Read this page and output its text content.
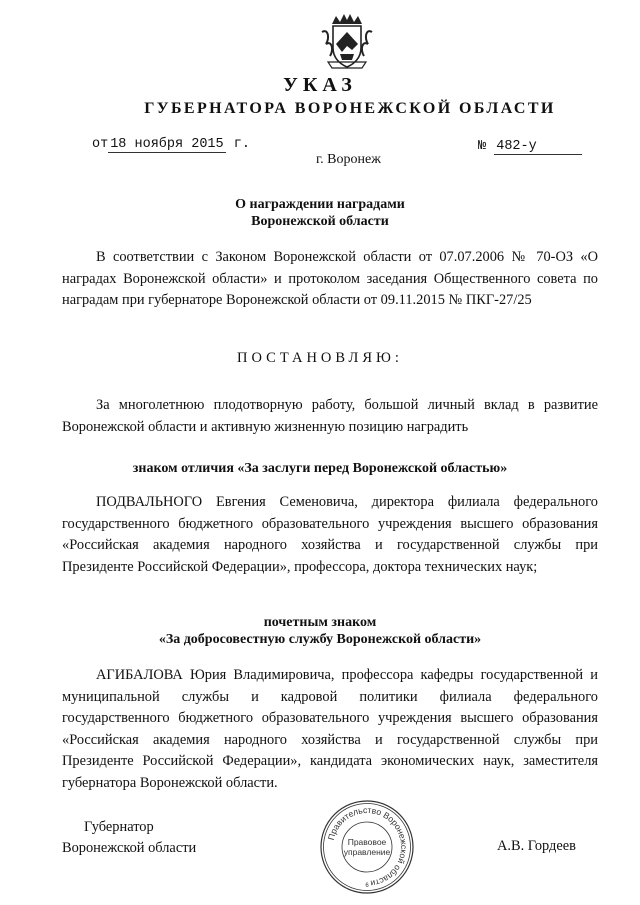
УКАЗ
ГУБЕРНАТОРА ВОРОНЕЖСКОЙ ОБЛАСТИ
от 18 ноября 2015 г.	№ 482-у
г. Воронеж
О награждении наградами
Воронежской области
В соответствии с Законом Воронежской области от 07.07.2006 № 70-ОЗ «О наградах Воронежской области» и протоколом заседания Общественного совета по наградам при губернаторе Воронежской области от 09.11.2015 № ПКГ-27/25
ПОСТАНОВЛЯЮ:
За многолетнюю плодотворную работу, большой личный вклад в развитие Воронежской области и активную жизненную позицию наградить
знаком отличия «За заслуги перед Воронежской областью»
ПОДВАЛЬНОГО Евгения Семеновича, директора филиала федерального государственного бюджетного образовательного учреждения высшего образования «Российская академия народного хозяйства и государственной службы при Президенте Российской Федерации», профессора, доктора технических наук;
почетным знаком
«За добросовестную службу Воронежской области»
АГИБАЛОВА Юрия Владимировича, профессора кафедры государственной и муниципальной службы и кадровой политики филиала федерального государственного бюджетного образовательного учреждения высшего образования «Российская академия народного хозяйства и государственной службы при Президенте Российской Федерации», кандидата экономических наук, заместителя губернатора Воронежской области.
Губернатор
Воронежской области
Правительство Воронежской области
Правовое
управление
6
А.В. Гордеев
